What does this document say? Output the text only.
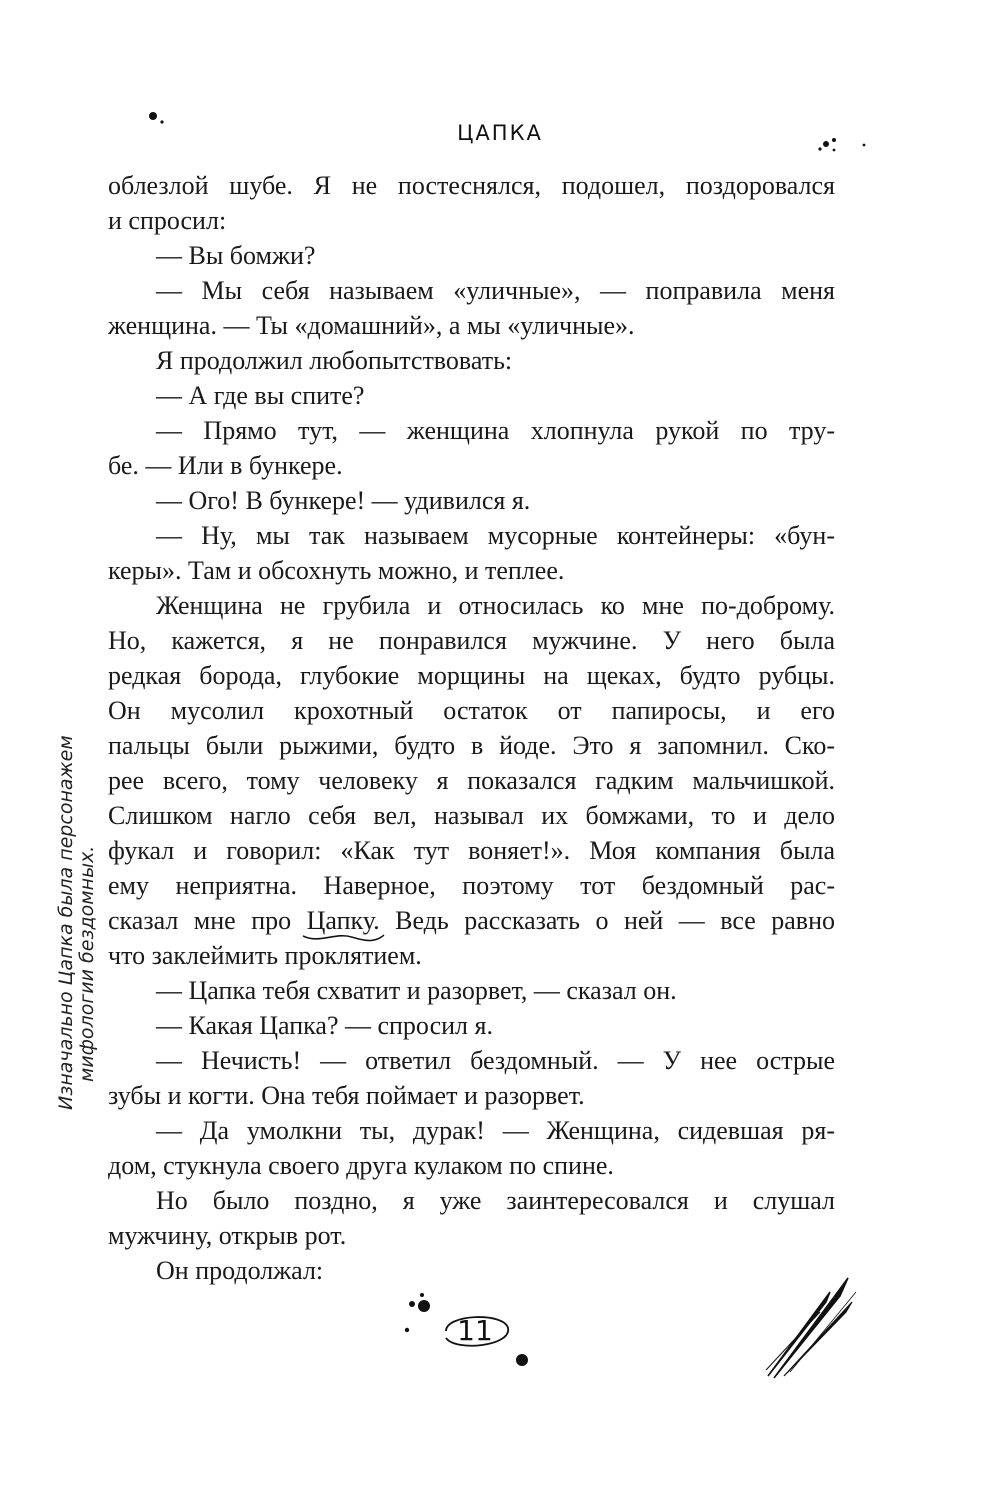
ЦАПКА
облезлой шубе. Я не постеснялся, подошел, поздоровался
и спросил:
— Вы бомжи?
— Мы себя называем «уличные», — поправила меня
женщина. — Ты «домашний», а мы «уличные».
Я продолжил любопытствовать:
— А где вы спите?
— Прямо тут, — женщина хлопнула рукой по тру-
бе. — Или в бункере.
— Ого! В бункере! — удивился я.
— Ну, мы так называем мусорные контейнеры: «бун-
керы». Там и обсохнуть можно, и теплее.
Женщина не грубила и относилась ко мне по-доброму.
Но, кажется, я не понравился мужчине. У него была
редкая борода, глубокие морщины на щеках, будто рубцы.
Он мусолил крохотный остаток от папиросы, и его
пальцы были рыжими, будто в йоде. Это я запомнил. Ско-
рее всего, тому человеку я показался гадким мальчишкой.
Слишком нагло себя вел, называл их бомжами, то и дело
фукал и говорил: «Как тут воняет!». Моя компания была
ему неприятна. Наверное, поэтому тот бездомный рас-
сказал мне про Цапку.
Ведь рассказать о ней — все равно
что заклеймить проклятием.
— Цапка тебя схватит и разорвет, — сказал он.
— Какая Цапка? — спросил я.
— Нечисть! — ответил бездомный. — У нее острые
зубы и когти. Она тебя поймает и разорвет.
— Да умолкни ты, дурак! — Женщина, сидевшая ря-
дом, стукнула своего друга кулаком по спине.
Но было поздно, я уже заинтересовался и слушал
мужчину, открыв рот.
Он продолжал:
Изначально Цапка была персонажем мифологии бездомных.
11
